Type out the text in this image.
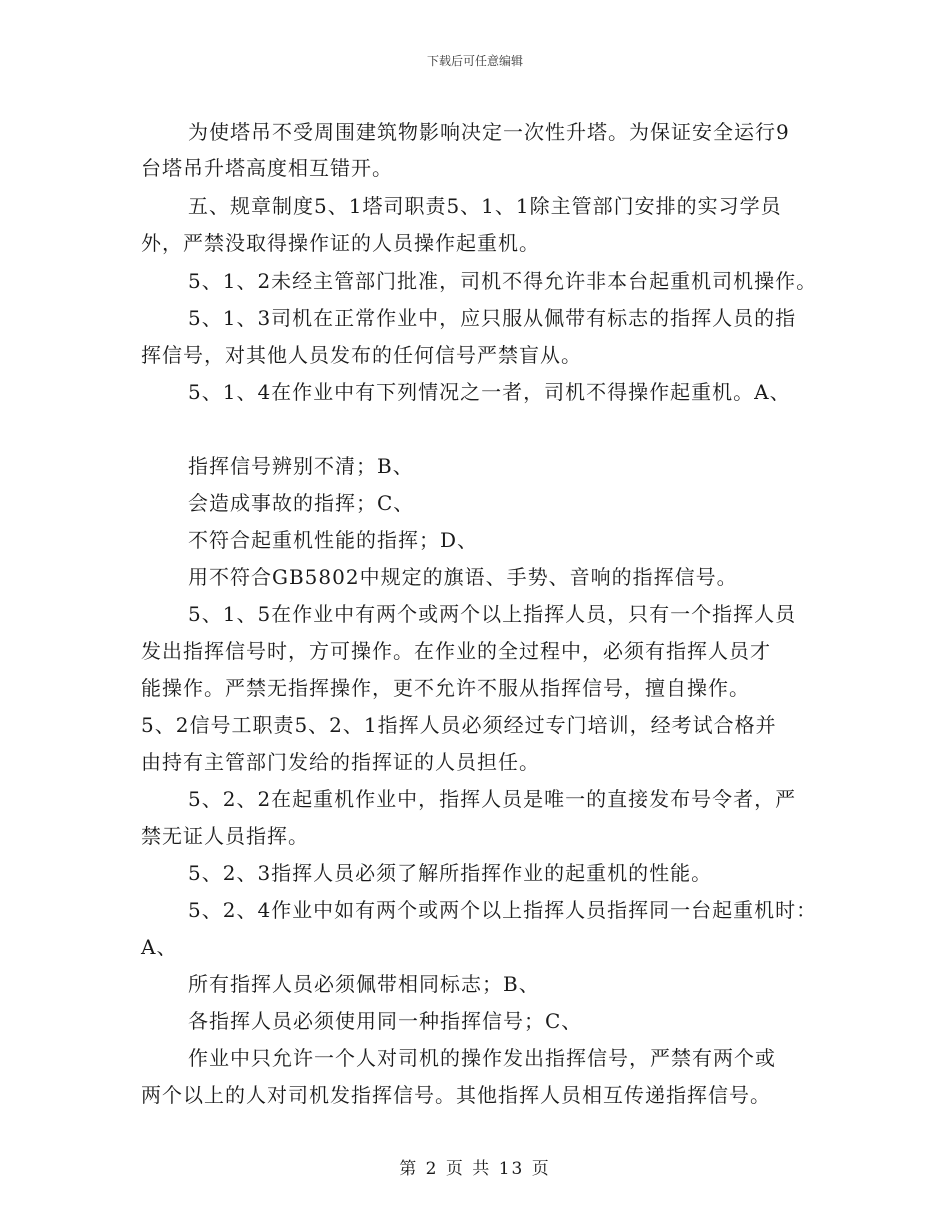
下载后可任意编辑
为使塔吊不受周围建筑物影响决定一次性升塔。为保证安全运行9
台塔吊升塔高度相互错开。
五、规章制度5、1塔司职责5、1、1除主管部门安排的实习学员
外，严禁没取得操作证的人员操作起重机。
5、1、2未经主管部门批准，司机不得允许非本台起重机司机操作。
5、1、3司机在正常作业中，应只服从佩带有标志的指挥人员的指
挥信号，对其他人员发布的任何信号严禁盲从。
5、1、4在作业中有下列情况之一者，司机不得操作起重机。A、
指挥信号辨别不清；B、
会造成事故的指挥；C、
不符合起重机性能的指挥；D、
用不符合GB5802中规定的旗语、手势、音响的指挥信号。
5、1、5在作业中有两个或两个以上指挥人员，只有一个指挥人员
发出指挥信号时，方可操作。在作业的全过程中，必须有指挥人员才
能操作。严禁无指挥操作，更不允许不服从指挥信号，擅自操作。
5、2信号工职责5、2、1指挥人员必须经过专门培训，经考试合格并
由持有主管部门发给的指挥证的人员担任。
5、2、2在起重机作业中，指挥人员是唯一的直接发布号令者，严
禁无证人员指挥。
5、2、3指挥人员必须了解所指挥作业的起重机的性能。
5、2、4作业中如有两个或两个以上指挥人员指挥同一台起重机时：
A、
所有指挥人员必须佩带相同标志；B、
各指挥人员必须使用同一种指挥信号；C、
作业中只允许一个人对司机的操作发出指挥信号，严禁有两个或
两个以上的人对司机发指挥信号。其他指挥人员相互传递指挥信号。
第 2 页 共 13 页
